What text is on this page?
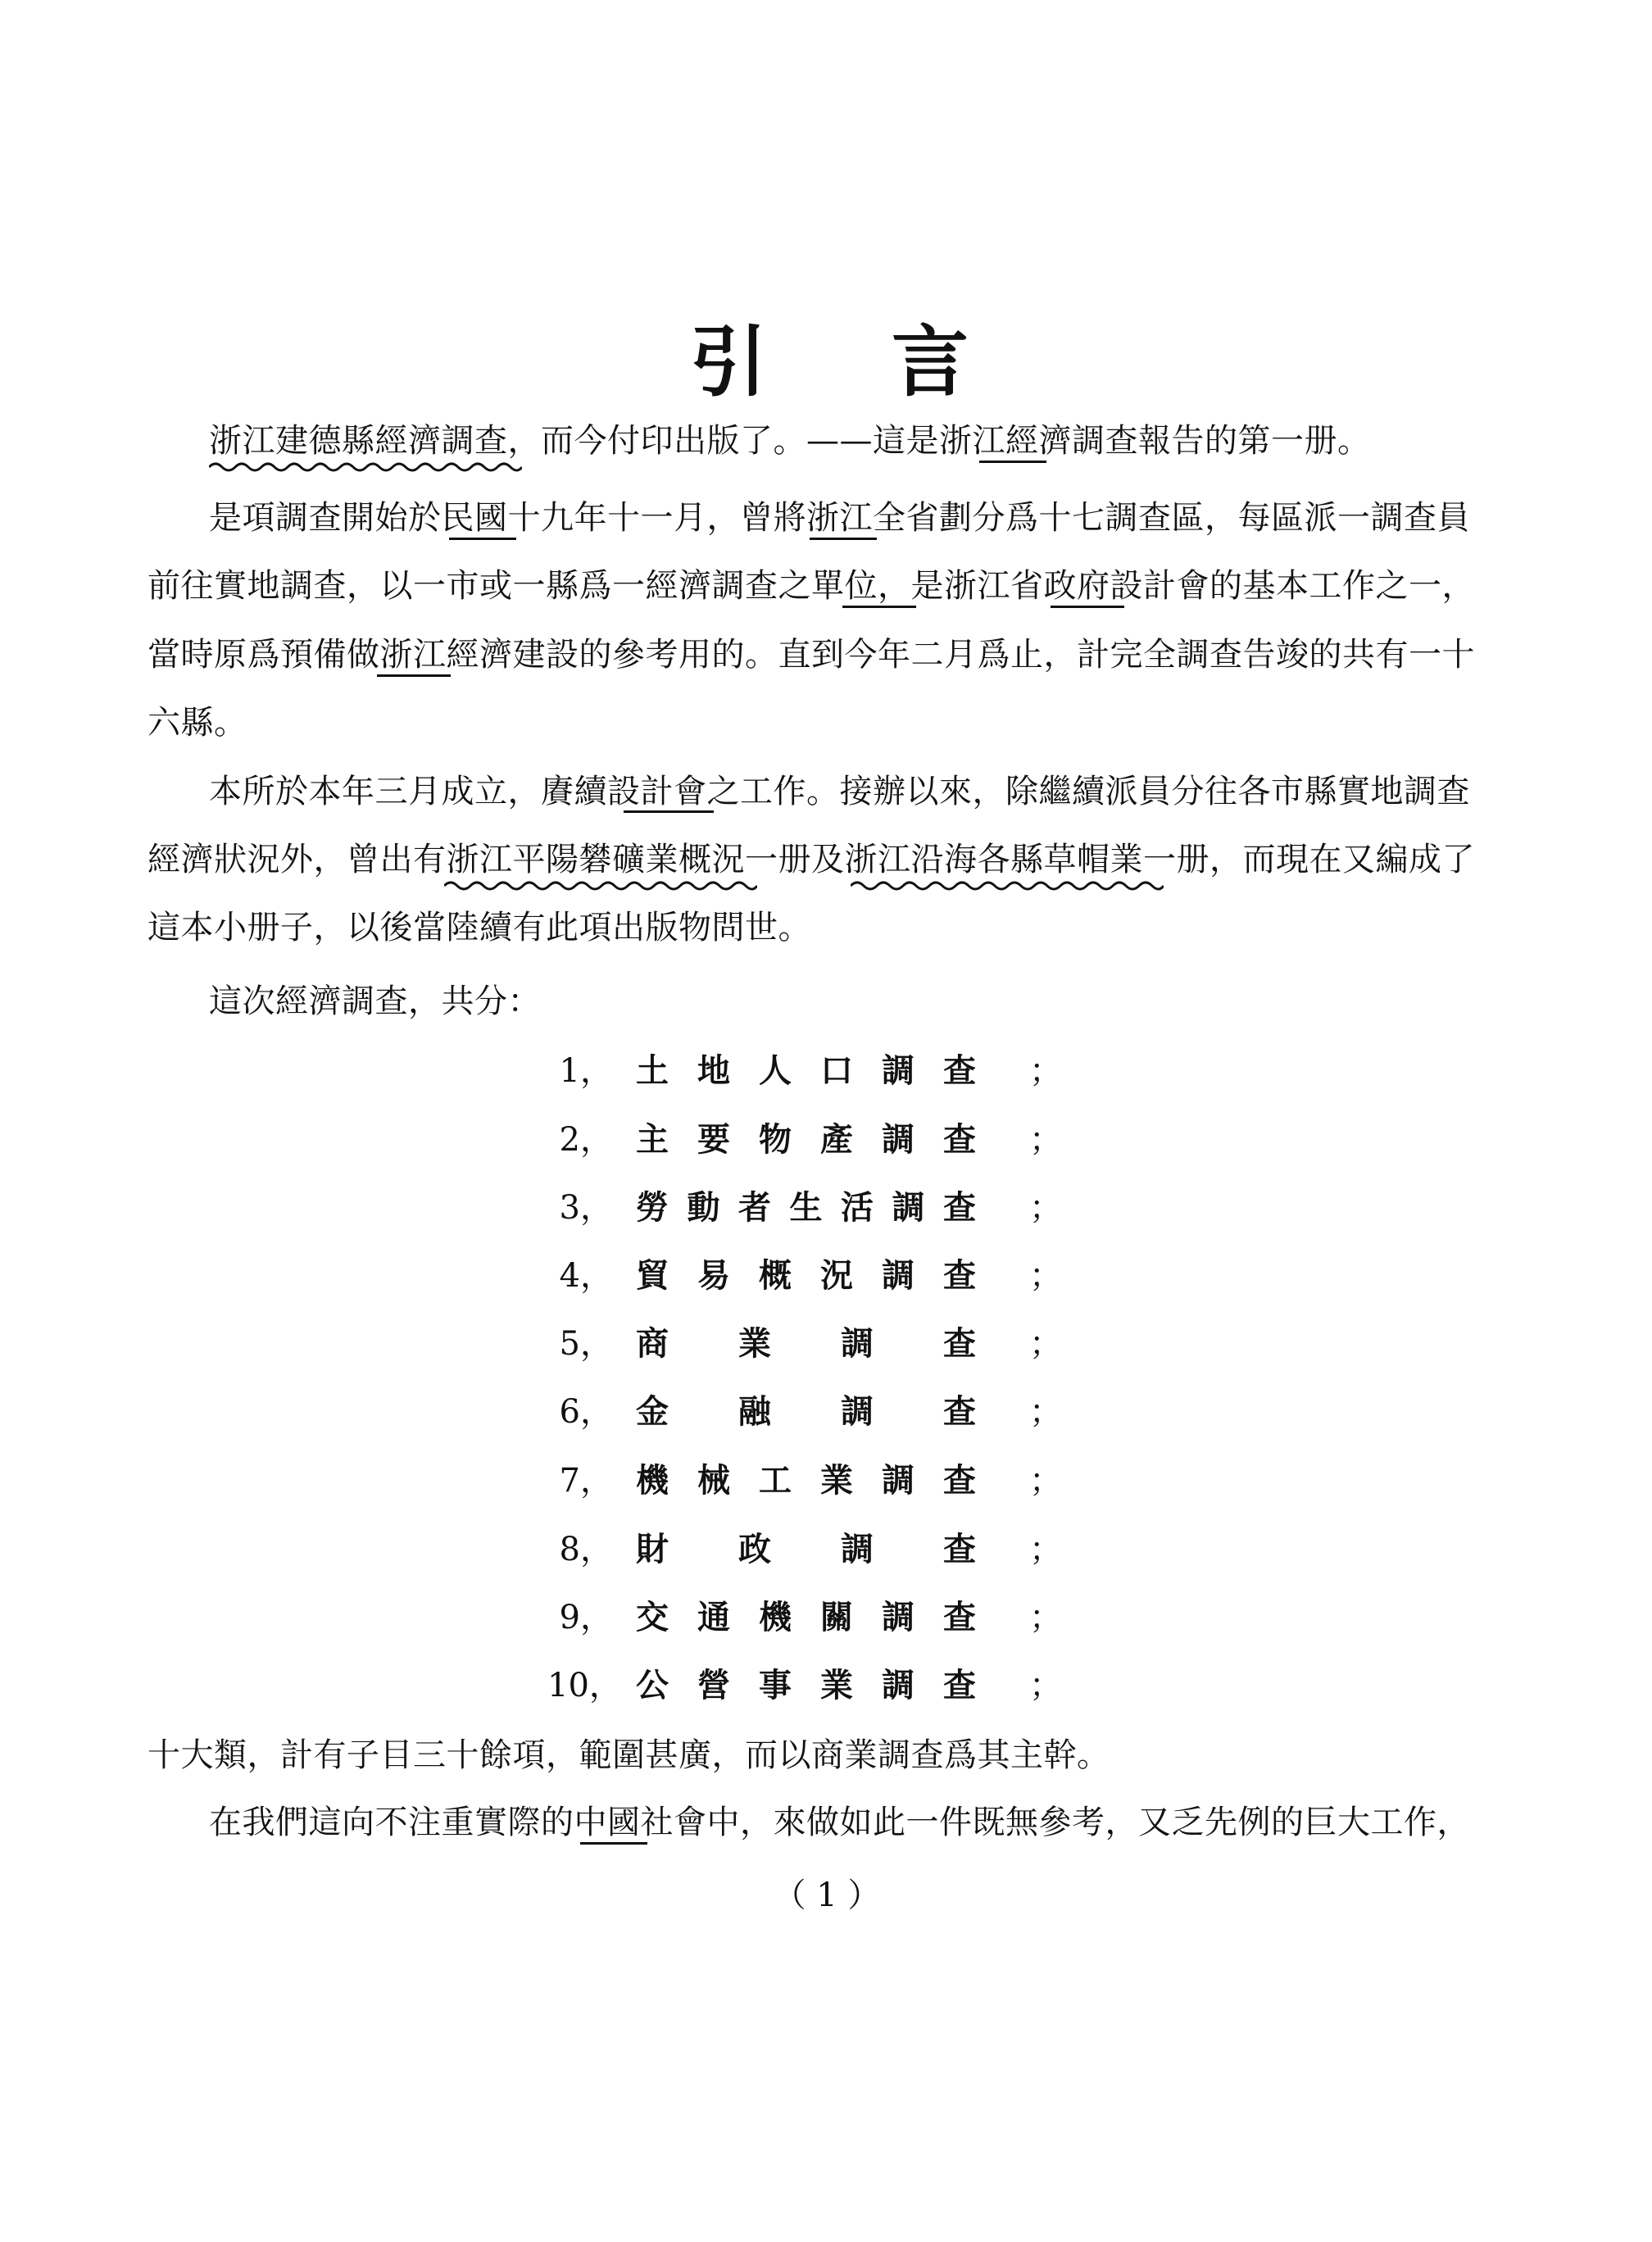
引 言

浙江建德縣經濟調查，而今付印出版了。——這是浙江經濟調查報告的第一册。

是項調查開始於民國十九年十一月，曾將浙江全省劃分爲十七調查區，每區派一調查員

前往實地調查，以一市或一縣爲一經濟調查之單位，是浙江省政府設計會的基本工作之一，

當時原爲預備做浙江經濟建設的參考用的。直到今年二月爲止，計完全調查告竣的共有一十

六縣。

本所於本年三月成立，賡續設計會之工作。接辦以來，除繼續派員分往各市縣實地調查

經濟狀況外，曾出有浙江平陽礬礦業概況一册及浙江沿海各縣草帽業一册，而現在又編成了

這本小册子，以後當陸續有此項出版物問世。

這次經濟調查，共分：

1， 土地人口調查 ；
2， 主要物產調查 ；
3， 勞動者生活調查 ；
4， 貿易概況調查 ；
5， 商業調查 ；
6， 金融調查 ；
7， 機械工業調查 ；
8， 財政調查 ；
9， 交通機關調查 ；
10， 公營事業調查 ；

十大類，計有子目三十餘項，範圍甚廣，而以商業調查爲其主幹。

在我們這向不注重實際的中國社會中，來做如此一件既無參考，又乏先例的巨大工作，

（ 1 ）
